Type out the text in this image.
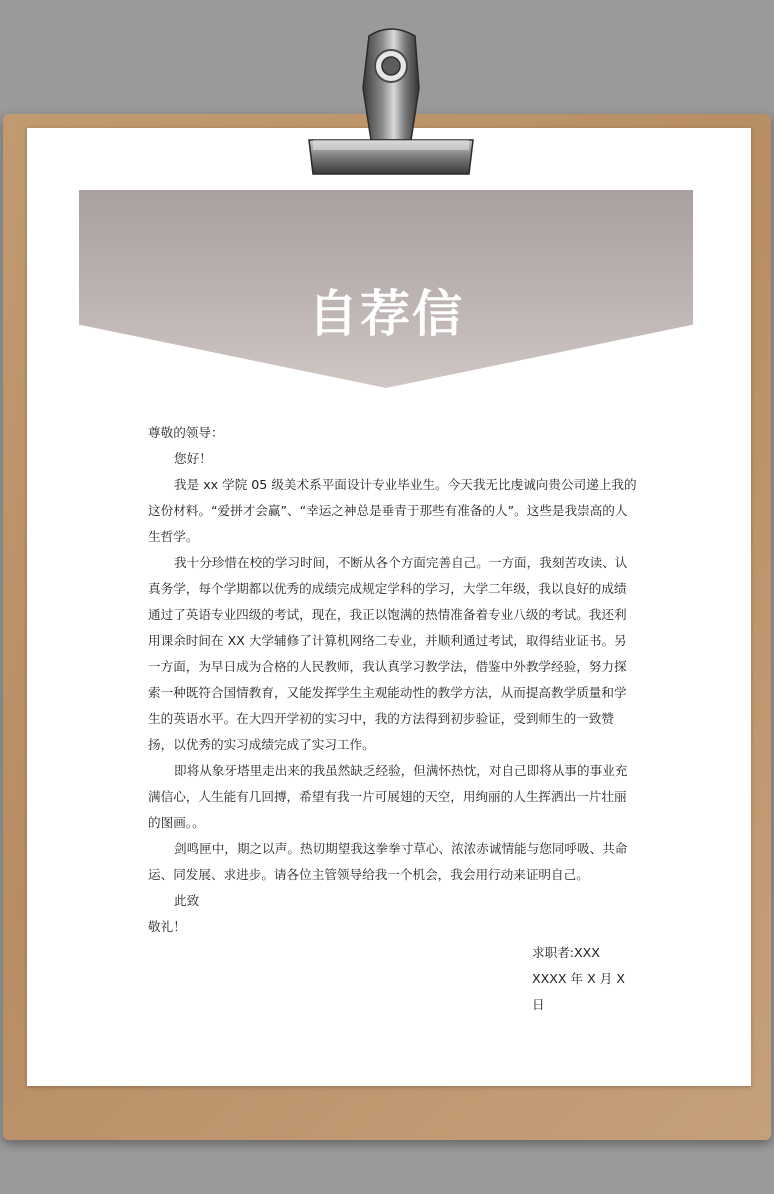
自荐信

尊敬的领导：

您好！

我是 xx 学院 05 级美术系平面设计专业毕业生。今天我无比虔诚向贵公司递上我的这份材料。“爱拼才会赢”、“幸运之神总是垂青于那些有准备的人”。这些是我崇高的人生哲学。

我十分珍惜在校的学习时间，不断从各个方面完善自己。一方面，我刻苦攻读、认真务学，每个学期都以优秀的成绩完成规定学科的学习，大学二年级，我以良好的成绩通过了英语专业四级的考试，现在，我正以饱满的热情准备着专业八级的考试。我还利用课余时间在 XX 大学辅修了计算机网络二专业，并顺利通过考试，取得结业证书。另一方面，为早日成为合格的人民教师，我认真学习教学法，借鉴中外教学经验，努力探索一种既符合国情教育，又能发挥学生主观能动性的教学方法，从而提高教学质量和学生的英语水平。在大四开学初的实习中，我的方法得到初步验证，受到师生的一致赞扬，以优秀的实习成绩完成了实习工作。

即将从象牙塔里走出来的我虽然缺乏经验，但满怀热忱，对自己即将从事的事业充满信心，人生能有几回搏，希望有我一片可展翅的天空，用绚丽的人生挥洒出一片壮丽的图画。。

剑鸣匣中，期之以声。热切期望我这拳拳寸草心、浓浓赤诚情能与您同呼吸、共命运、同发展、求进步。请各位主管领导给我一个机会，我会用行动来证明自己。

此致

敬礼！

求职者:XXX

XXXX 年 X 月 X 日
